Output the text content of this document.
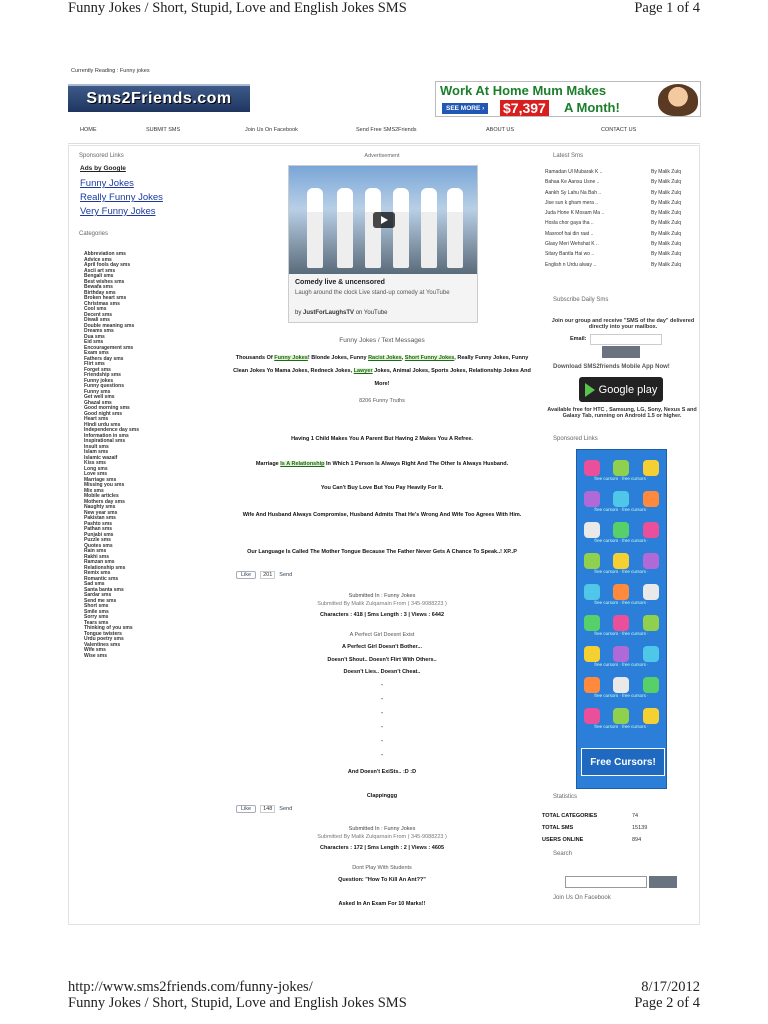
Funny Jokes / Short, Stupid, Love and English Jokes SMS	Page 1 of 4
Currently Reading : Funny jokes
Sms2Friends.com	Work At Home Mum Makes
SEE MORE › $7,397 A Month!
HOME	SUBMIT SMS	Join Us On Facebook	Send Free SMS2Friends	ABOUT US	CONTACT US
Sponsored Links
Ads by Google
Funny Jokes
Really Funny Jokes
Very Funny Jokes
Categories
Abbreviation sms
Advice sms
April fools day sms
Ascii art sms
Bengali sms
Best wishes sms
Bewafa sms
Birthday sms
Broken heart sms
Christmas sms
Cool sms
Decent sms
Diwali sms
Double meaning sms
Dreams sms
Dua sms
Eid sms
Encouragement sms
Exam sms
Fathers day sms
Flirt sms
Forget sms
Friendship sms
Funny jokes
Funny questions
Funny sms
Get well sms
Ghazal sms
Good morning sms
Good night sms
Heart sms
Hindi urdu sms
Independence day sms
Information in sms
Inspirational sms
Insult sms
Islam sms
Islamic wazaif
Kiss sms
Long sms
Love sms
Marriage sms
Missing you sms
Mix sms
Mobile articles
Mothers day sms
Naughty sms
New year sms
Pakistan sms
Pashto sms
Pathan sms
Punjabi sms
Puzzle sms
Quotes sms
Rain sms
Rakhi sms
Ramzan sms
Relationship sms
Remix sms
Romantic sms
Sad sms
Santa banta sms
Sardar sms
Send me sms
Short sms
Smile sms
Sorry sms
Tears sms
Thinking of you sms
Tongue twisters
Urdu poetry sms
Valentines sms
Wife sms
Wise sms
Advertisement
Comedy live & uncensored
Laugh around the clock Live stand-up comedy at YouTube
by JustForLaughsTV on YouTube
Funny Jokes / Text Messages
Thousands Of Funny Jokes! Blonde Jokes, Funny Racist Jokes, Short Funny Jokes, Really Funny Jokes, Funny Clean Jokes Yo Mama Jokes, Redneck Jokes, Lawyer Jokes, Animal Jokes, Sports Jokes, Relationship Jokes And More!
8206 Funny Truths
Having 1 Child Makes You A Parent But Having 2 Makes You A Refree.
Marriage Is A Relationship In Which 1 Person Is Always Right And The Other Is Always Husband.
You Can't Buy Love But You Pay Heavily For It.
Wife And Husband Always Compromise, Husband Admits That He's Wrong And Wife Too Agrees With Him.
Our Language Is Called The Mother Tongue Because The Father Never Gets A Chance To Speak..! XP..P
Like	201	Send
Submitted In : Funny Jokes
Submitted By Malik Zulqarnain From ( 345-9088223 )
Characters : 418 | Sms Length : 3 | Views : 6442
A Perfect Girl Doesnt Exist
A Perfect Girl Doesn't Bother...
Doesn't Shout.. Doesn't Flirt With Others..
Doesn't Lies.. Doesn't Cheat..
-
-
-
-
-
-
And Doesn't ExiSts.. :D :D
Clappinggg
Like	148	Send
Submitted In : Funny Jokes
Submitted By Malik Zulqarnain From ( 345-9088223 )
Characters : 172 | Sms Length : 2 | Views : 4605
Dont Play With Students
Question: "How To Kill An Ant??"
Asked In An Exam For 10 Marks!!
Latest Sms
Ramadan Ul Mubarak K ..	By Malik Zulq
Bahaa Ke Aansu Usne ..	By Malik Zulq
Aankh Sy Lahu Na Bah ..	By Malik Zulq
Jise sun k gham mera ..	By Malik Zulq
Juda Hone K Mosam Ma ..	By Malik Zulq
Hosla chor gaya tha ..	By Malik Zulq
Masroof hai din raat ..	By Malik Zulq
Glasy Meri Wehshat K ..	By Malik Zulq
Sitary Bantla Hai wo ..	By Malik Zulq
English n Urdu alway ..	By Malik Zulq
Subscribe Daily Sms
Join our group and receive "SMS of the day" delivered directly into your mailbox.
Email:
Download SMS2friends Mobile App Now!
Google play
Available free for HTC , Samsung, LG, Sony, Nexus S and Galaxy Tab, running on Android 1.5 or higher.
Sponsored Links
Free Cursors!
free cursors · free cursors ·
free cursors · free cursors ·
free cursors · free cursors ·
free cursors · free cursors ·
free cursors · free cursors ·
free cursors · free cursors ·
free cursors · free cursors ·
free cursors · free cursors ·
free cursors · free cursors ·
Statistics
TOTAL CATEGORIES	74
TOTAL SMS	15139
USERS ONLINE	894
Search
Join Us On Facebook
http://www.sms2friends.com/funny-jokes/	8/17/2012
Funny Jokes / Short, Stupid, Love and English Jokes SMS	Page 2 of 4
